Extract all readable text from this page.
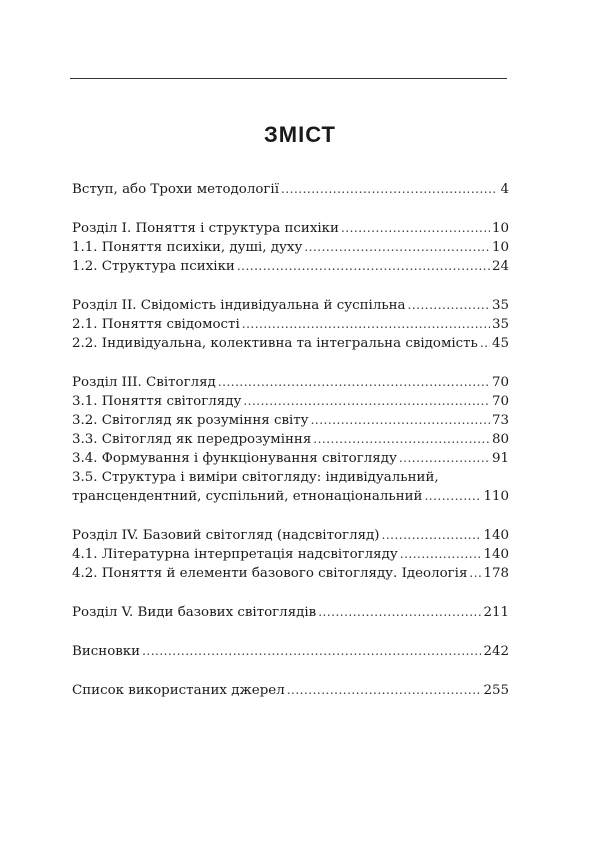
ЗМІСТ
Вступ, або Трохи методології .....	4
Розділ І. Поняття і структура психіки .....	10
1.1. Поняття психіки, душі, духу .....	10
1.2. Структура психіки .....	24
Розділ ІІ. Свідомість індивідуальна й суспільна .....	35
2.1. Поняття свідомості .....	35
2.2. Індивідуальна, колективна та інтегральна свідомість ..... 45
Розділ ІІІ. Світогляд .....	70
3.1. Поняття світогляду .....	70
3.2. Світогляд як розуміння світу .....	73
3.3. Світогляд як передрозуміння .....	80
3.4. Формування і функціонування світогляду .....	91
3.5. Структура і виміри світогляду: індивідуальний,
трансцендентний, суспільний, етнонаціональний .....	110
Розділ IV. Базовий світогляд (надсвітогляд) .....	140
4.1. Літературна інтерпретація надсвітогляду .....	140
4.2. Поняття й елементи базового світогляду. Ідеологія ..... 178
Розділ V. Види базових світоглядів .....	211
Висновки .....	242
Список використаних джерел .....	255
